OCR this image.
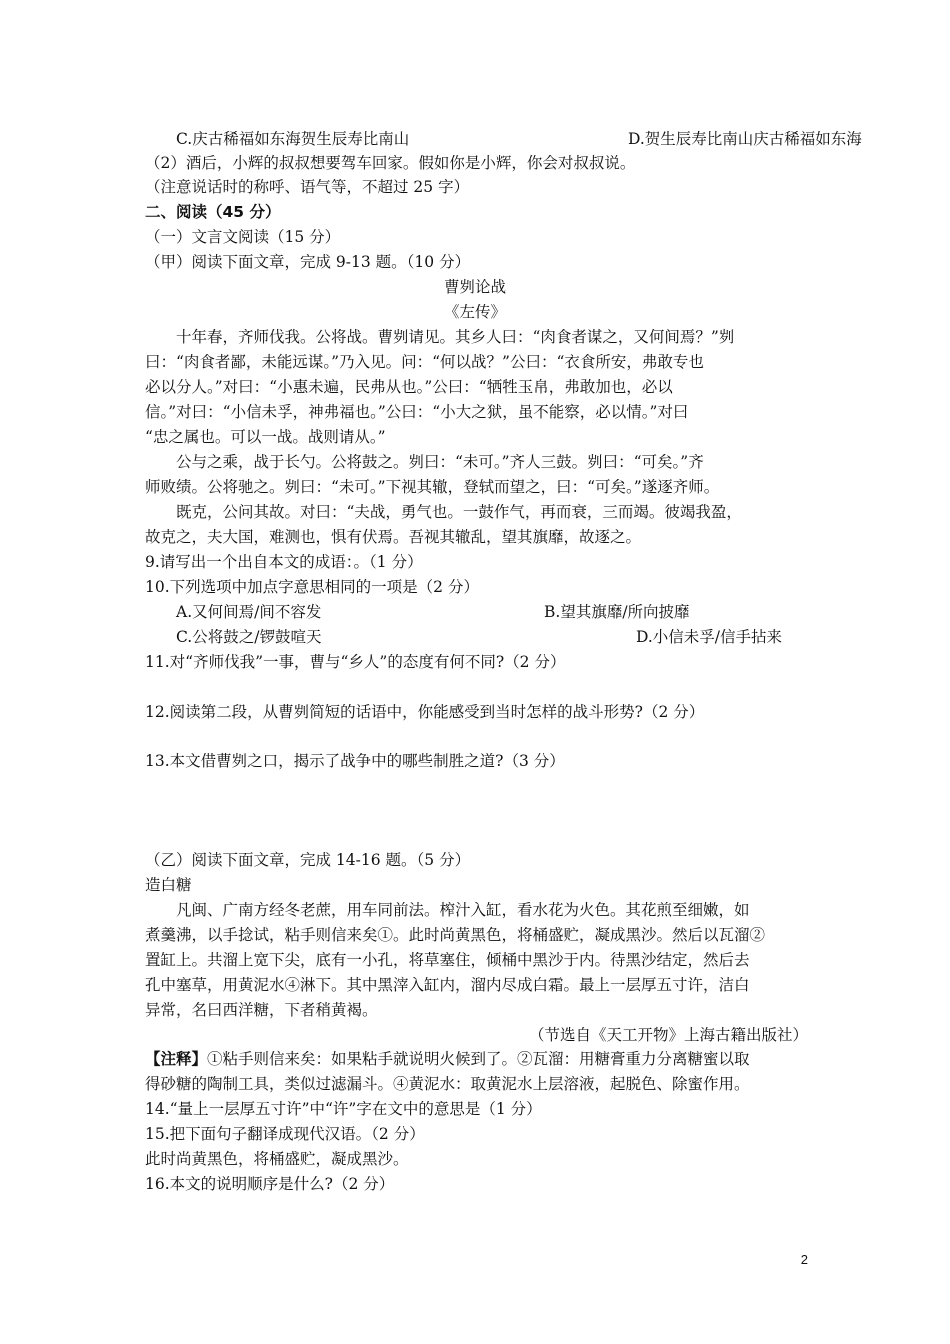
C.庆古稀福如东海贺生辰寿比南山	D.贺生辰寿比南山庆古稀福如东海
（2）酒后，小辉的叔叔想要驾车回家。假如你是小辉，你会对叔叔说。
（注意说话时的称呼、语气等，不超过 25 字）
二、阅读（45 分）
（一）文言文阅读（15 分）
（甲）阅读下面文章，完成 9-13 题。（10 分）
曹刿论战
《左传》
十年春，齐师伐我。公将战。曹刿请见。其乡人曰：“肉食者谋之，又何间焉？”刿
曰：“肉食者鄙，未能远谋。”乃入见。问：“何以战？”公曰：“衣食所安，弗敢专也
必以分人。”对曰：“小惠未遍，民弗从也。”公曰：“牺牲玉帛，弗敢加也，必以
信。”对曰：“小信未孚，神弗福也。”公曰：“小大之狱，虽不能察，必以情。”对曰
“忠之属也。可以一战。战则请从。”
公与之乘，战于长勺。公将鼓之。刿曰：“未可。”齐人三鼓。刿曰：“可矣。”齐
师败绩。公将驰之。刿曰：“未可。”下视其辙，登轼而望之，曰：“可矣。”遂逐齐师。
既克，公问其故。对曰：“夫战，勇气也。一鼓作气，再而衰，三而竭。彼竭我盈，
故克之，夫大国，难测也，惧有伏焉。吾视其辙乱，望其旗靡，故逐之。
9.请写出一个出自本文的成语：。（1 分）
10.下列选项中加点字意思相同的一项是（2 分）
A.又何间焉/间不容发	B.望其旗靡/所向披靡
C.公将鼓之/锣鼓喧天	D.小信未孚/信手拈来
11.对“齐师伐我”一事，曹与“乡人”的态度有何不同?（2 分）
12.阅读第二段，从曹刿简短的话语中，你能感受到当时怎样的战斗形势?（2 分）
13.本文借曹刿之口，揭示了战争中的哪些制胜之道?（3 分）
（乙）阅读下面文章，完成 14-16 题。（5 分）
造白糖
凡闽、广南方经冬老蔗，用车同前法。榨汁入缸，看水花为火色。其花煎至细嫩，如
煮羹沸，以手捻试，粘手则信来矣①。此时尚黄黑色，将桶盛贮，凝成黑沙。然后以瓦溜②
置缸上。共溜上宽下尖，底有一小孔，将草塞住，倾桶中黑沙于内。待黑沙结定，然后去
孔中塞草，用黄泥水④淋下。其中黑滓入缸内，溜内尽成白霜。最上一层厚五寸许，洁白
异常，名曰西洋糖，下者稍黄褐。
（节选自《天工开物》上海古籍出版社）
【注释】①粘手则信来矣：如果粘手就说明火候到了。②瓦溜：用糖膏重力分离糖蜜以取
得砂糖的陶制工具，类似过滤漏斗。④黄泥水：取黄泥水上层溶液，起脱色、除蜜作用。
14.“量上一层厚五寸许”中“许”字在文中的意思是（1 分）
15.把下面句子翻译成现代汉语。（2 分）
此时尚黄黑色，将桶盛贮，凝成黑沙。
16.本文的说明顺序是什么?（2 分）
2
